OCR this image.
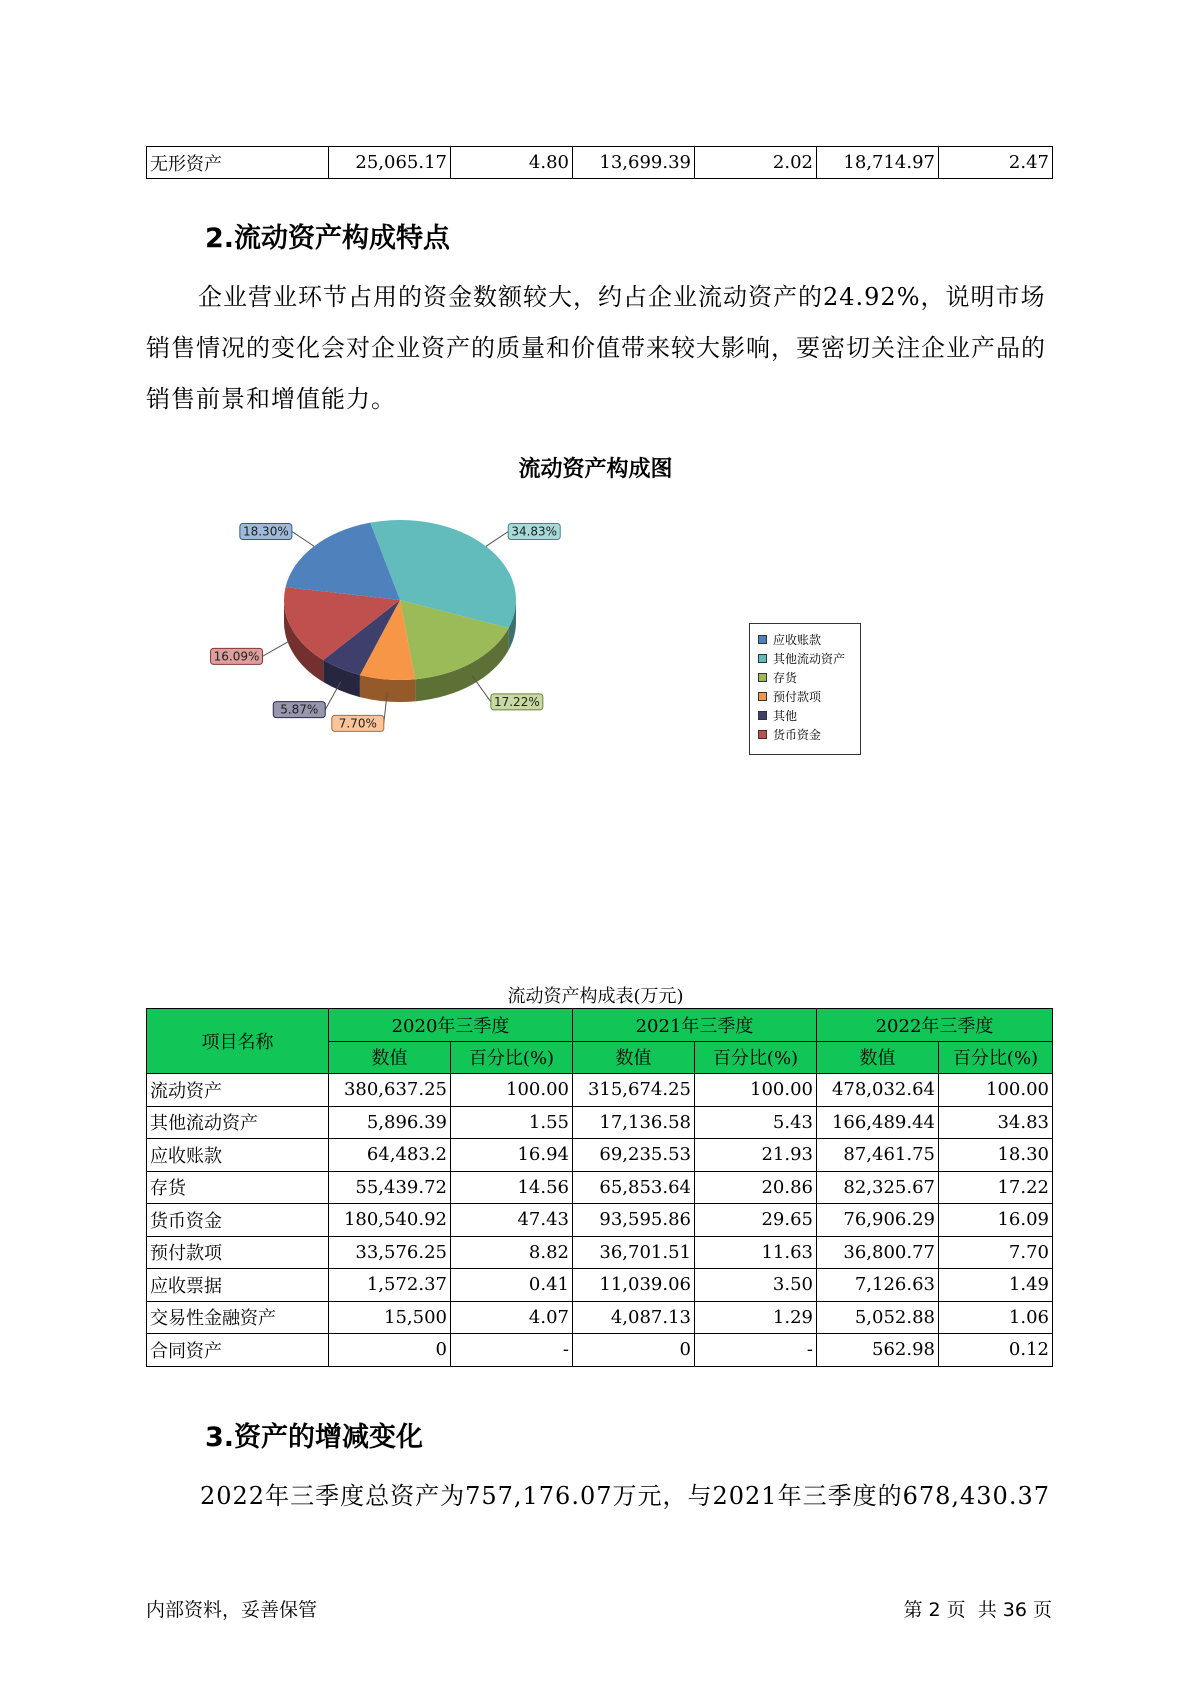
无形资产	25,065.17	4.80	13,699.39	2.02	18,714.97	2.47
2.流动资产构成特点
企业营业环节占用的资金数额较大，约占企业流动资产的24.92%，说明市场销售情况的变化会对企业资产的质量和价值带来较大影响，要密切关注企业产品的销售前景和增值能力。
流动资产构成图
34.83%
17.22%
7.70%
5.87%
16.09%
18.30%
应收账款
其他流动资产
存货
预付款项
其他
货币资金
流动资产构成表(万元)
项目名称	2020年三季度		2021年三季度		2022年三季度	
	数值	百分比(%)	数值	百分比(%)	数值	百分比(%)
流动资产	380,637.25	100.00	315,674.25	100.00	478,032.64	100.00
其他流动资产	5,896.39	1.55	17,136.58	5.43	166,489.44	34.83
应收账款	64,483.2	16.94	69,235.53	21.93	87,461.75	18.30
存货	55,439.72	14.56	65,853.64	20.86	82,325.67	17.22
货币资金	180,540.92	47.43	93,595.86	29.65	76,906.29	16.09
预付款项	33,576.25	8.82	36,701.51	11.63	36,800.77	7.70
应收票据	1,572.37	0.41	11,039.06	3.50	7,126.63	1.49
交易性金融资产	15,500	4.07	4,087.13	1.29	5,052.88	1.06
合同资产	0	-	0	-	562.98	0.12
3.资产的增减变化
2022年三季度总资产为757,176.07万元，与2021年三季度的678,430.37
内部资料，妥善保管	第 2 页  共 36 页
